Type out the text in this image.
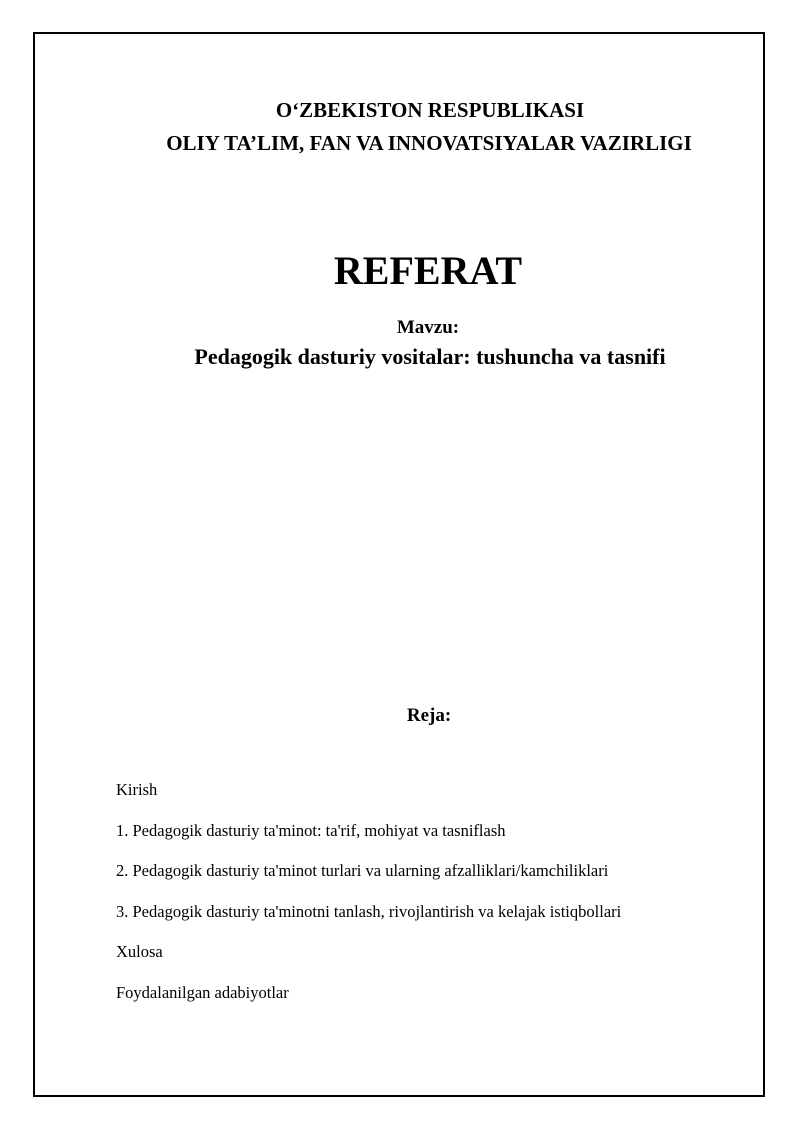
O‘ZBEKISTON RESPUBLIKASI
OLIY TA’LIM, FAN VA INNOVATSIYALAR VAZIRLIGI
REFERAT
Mavzu:
Pedagogik dasturiy vositalar: tushuncha va tasnifi
Reja:
Kirish
1. Pedagogik dasturiy ta'minot: ta'rif, mohiyat va tasniflash
2. Pedagogik dasturiy ta'minot turlari va ularning afzalliklari/kamchiliklari
3. Pedagogik dasturiy ta'minotni tanlash, rivojlantirish va kelajak istiqbollari
Xulosa
Foydalanilgan adabiyotlar
